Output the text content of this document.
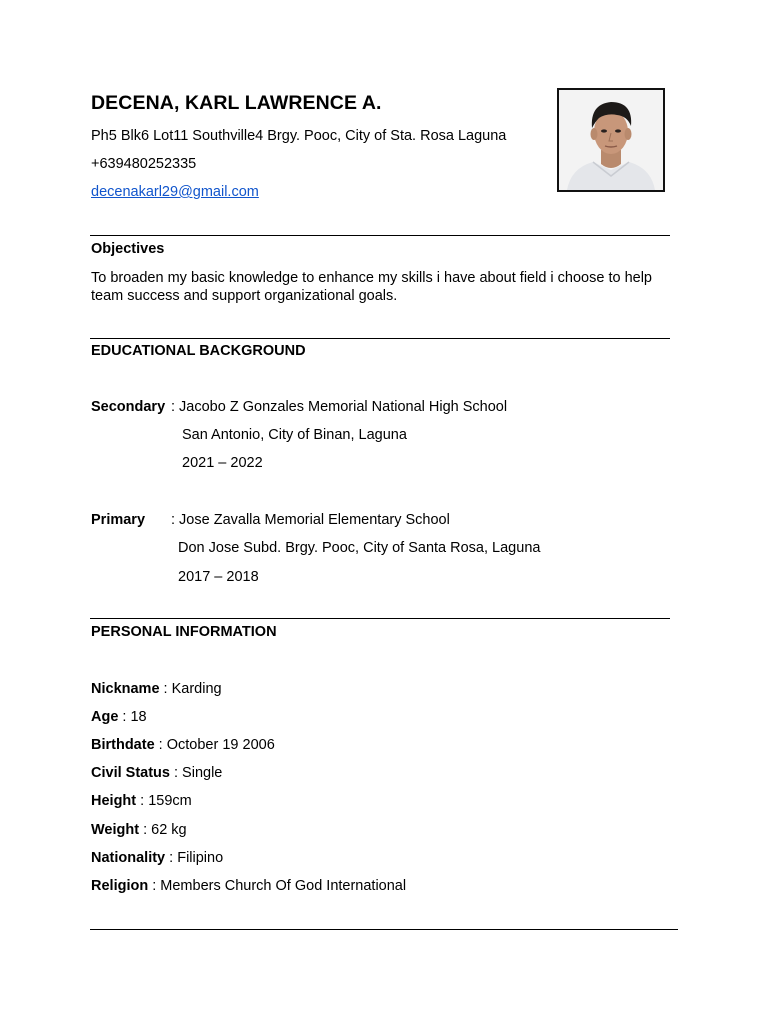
DECENA, KARL LAWRENCE A.
Ph5 Blk6 Lot11 Southville4 Brgy. Pooc, City of Sta. Rosa Laguna
+639480252335
decenakarl29@gmail.com
Objectives
To broaden my basic knowledge to enhance my skills i have about field i choose to help team success and support organizational goals.
EDUCATIONAL BACKGROUND
Secondary : Jacobo Z Gonzales Memorial National High School
San Antonio, City of Binan, Laguna
2021 – 2022
Primary : Jose Zavalla Memorial Elementary School
Don Jose Subd. Brgy. Pooc, City of Santa Rosa, Laguna
2017 – 2018
PERSONAL INFORMATION
Nickname : Karding
Age : 18
Birthdate : October 19 2006
Civil Status : Single
Height : 159cm
Weight : 62 kg
Nationality : Filipino
Religion : Members Church Of God International
